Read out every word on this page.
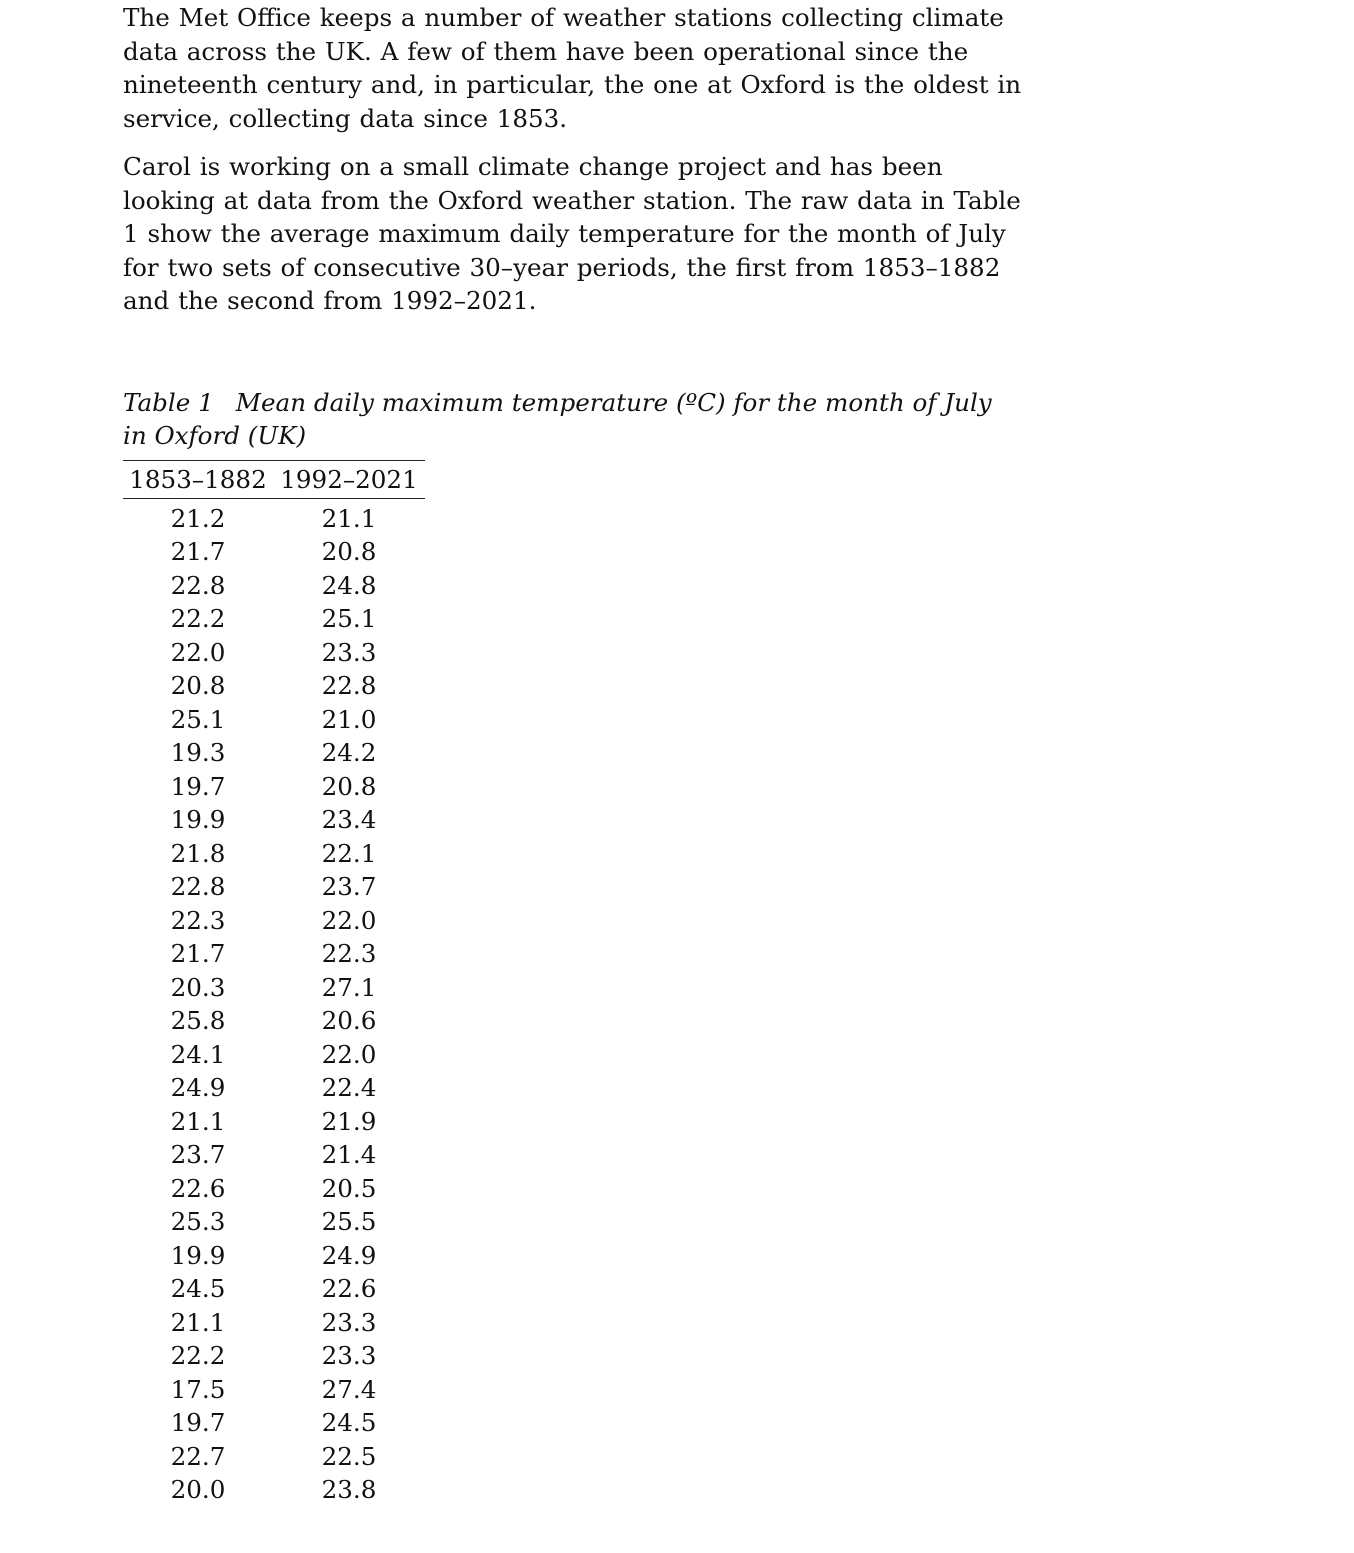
The Met Office keeps a number of weather stations collecting climate data across the UK. A few of them have been operational since the nineteenth century and, in particular, the one at Oxford is the oldest in service, collecting data since 1853.

Carol is working on a small climate change project and has been looking at data from the Oxford weather station. The raw data in Table 1 show the average maximum daily temperature for the month of July for two sets of consecutive 30–year periods, the first from 1853–1882 and the second from 1992–2021.

Table 1 Mean daily maximum temperature (ºC) for the month of July in Oxford (UK)
1853–1882	1992–2021

21.2	21.1
21.7	20.8
22.8	24.8
22.2	25.1
22.0	23.3
20.8	22.8
25.1	21.0
19.3	24.2
19.7	20.8
19.9	23.4
21.8	22.1
22.8	23.7
22.3	22.0
21.7	22.3
20.3	27.1
25.8	20.6
24.1	22.0
24.9	22.4
21.1	21.9
23.7	21.4
22.6	20.5
25.3	25.5
19.9	24.9
24.5	22.6
21.1	23.3
22.2	23.3
17.5	27.4
19.7	24.5
22.7	22.5
20.0	23.8
